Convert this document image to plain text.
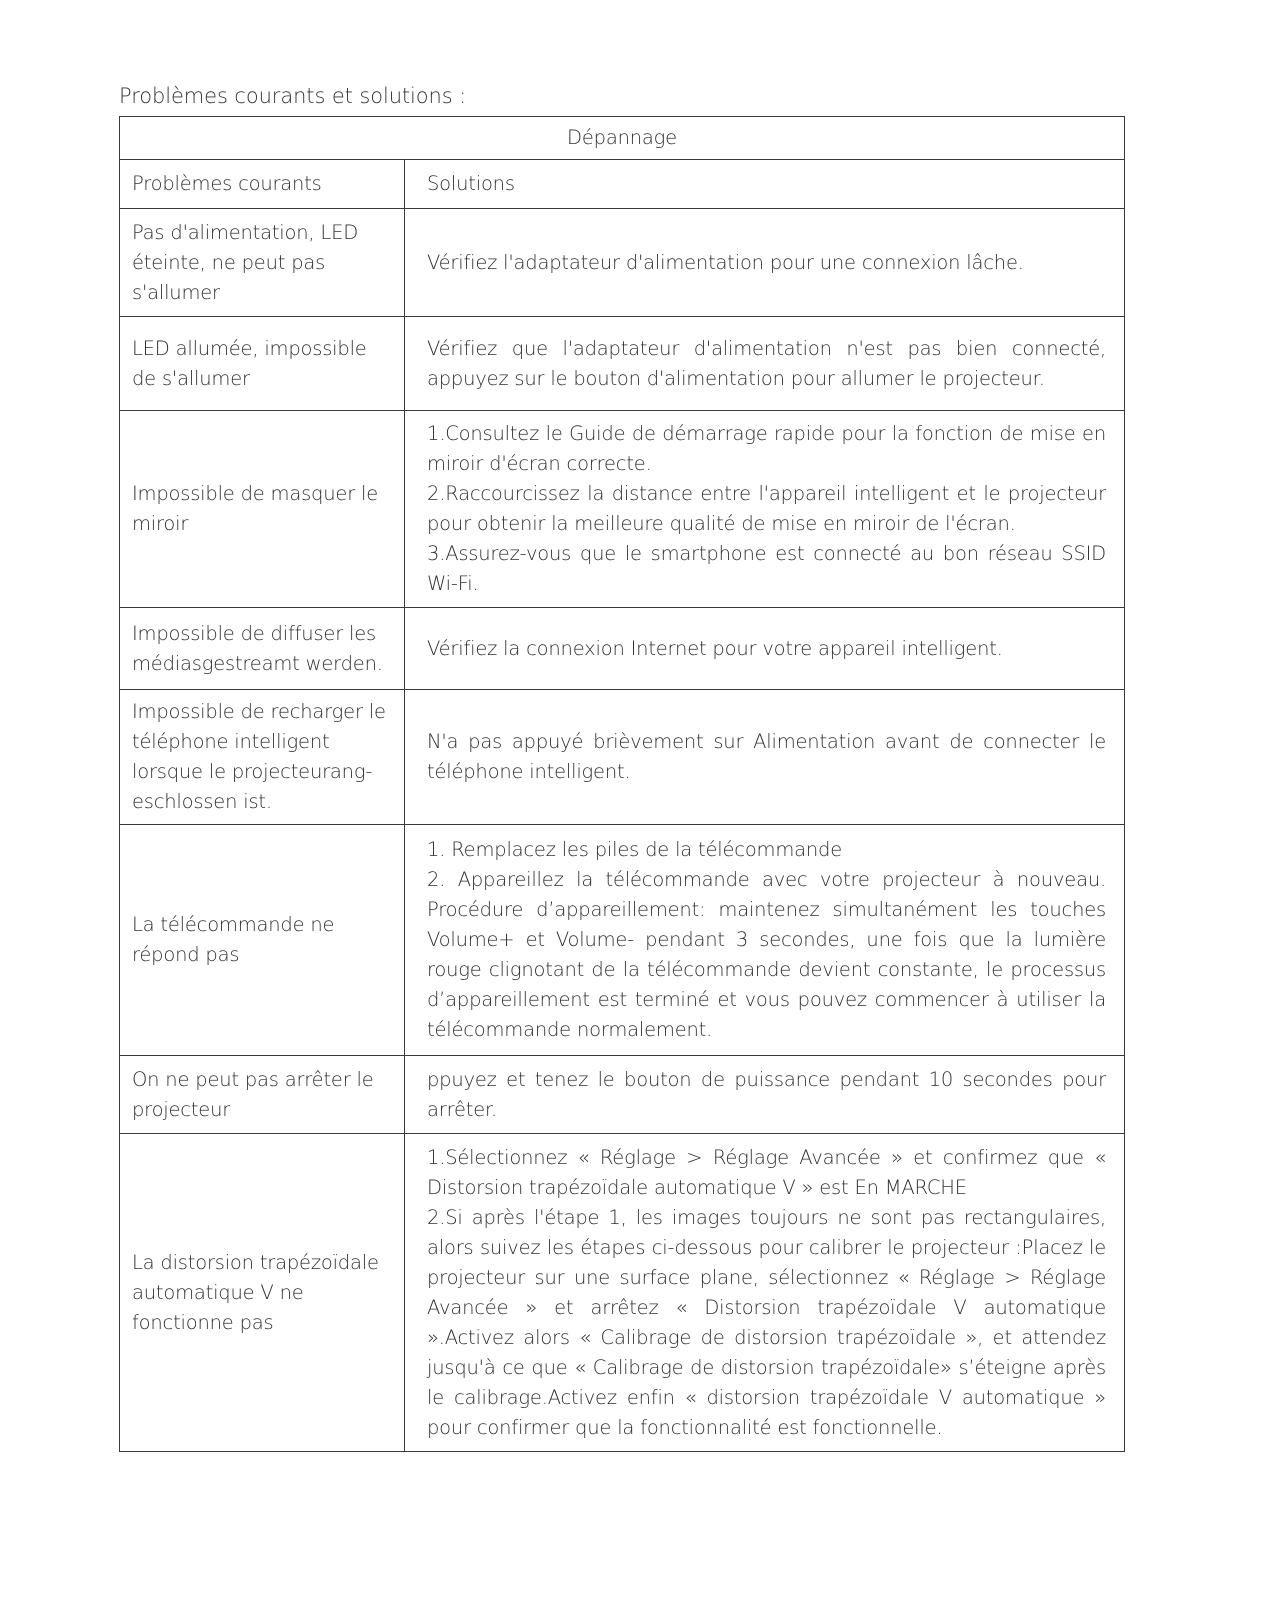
Problèmes courants et solutions :
Dépannage	
Problèmes courants	Solutions
Pas d'alimentation, LED éteinte, ne peut pas s'allumer	Vérifiez l'adaptateur d'alimentation pour une connexion lâche.

LED allumée, impossible de s'allumer	Vérifiez que l'adaptateur d'alimentation n'est pas bien connecté, appuyez sur le bouton d'alimentation pour allumer le projecteur.

Impossible de masquer le miroir	1.Consultez le Guide de démarrage rapide pour la fonction de mise en miroir d'écran correcte.
2.Raccourcissez la distance entre l'appareil intelligent et le projecteur pour obtenir la meilleure qualité de mise en miroir de l'écran.
3.Assurez-vous que le smartphone est connecté au bon réseau SSID Wi-Fi.

Impossible de diffuser les médiasgestreamt werden.	Vérifiez la connexion Internet pour votre appareil intelligent.

Impossible de recharger le téléphone intelligent lorsque le projecteurang-eschlossen ist.	N'a pas appuyé brièvement sur Alimentation avant de connecter le téléphone intelligent.

La télécommande ne répond pas	1. Remplacez les piles de la télécommande
2. Appareillez la télécommande avec votre projecteur à nouveau. Procédure d’appareillement: maintenez simultanément les touches Volume+ et Volume- pendant 3 secondes, une fois que la lumière rouge clignotant de la télécommande devient constante, le processus d’appareillement est terminé et vous pouvez commencer à utiliser la télécommande normalement.

On ne peut pas arrêter le projecteur	ppuyez et tenez le bouton de puissance pendant 10 secondes pour arrêter.

La distorsion trapézoïdale automatique V ne fonctionne pas	1.Sélectionnez « Réglage > Réglage Avancée » et confirmez que « Distorsion trapézoïdale automatique V » est En MARCHE
2.Si après l'étape 1, les images toujours ne sont pas rectangulaires, alors suivez les étapes ci-dessous pour calibrer le projecteur :Placez le projecteur sur une surface plane, sélectionnez « Réglage > Réglage Avancée » et arrêtez « Distorsion trapézoïdale V automatique ».Activez alors « Calibrage de distorsion trapézoïdale », et attendez jusqu'à ce que « Calibrage de distorsion trapézoïdale» s’éteigne après le calibrage.Activez enfin « distorsion trapézoïdale V automatique » pour confirmer que la fonctionnalité est fonctionnelle.
